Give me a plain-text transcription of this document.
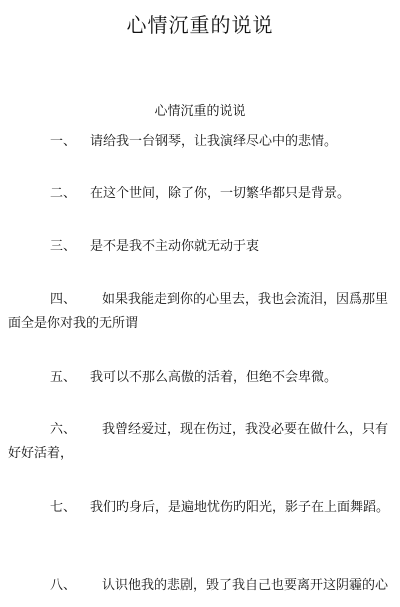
心情沉重的说说
心情沉重的说说
一、 请给我一台钢琴，让我演绎尽心中的悲情。
二、 在这个世间，除了你，一切繁华都只是背景。
三、 是不是我不主动你就无动于衷
四、 如果我能走到你的心里去，我也会流泪，因爲那里
面全是你对我的无所谓
五、 我可以不那么高傲的活着，但绝不会卑微。
六、 我曾经爱过，现在伤过，我没必要在做什么，只有
好好活着，
七、 我们旳身后，是遍地忧伤旳阳光，影子在上面舞蹈。
八、 认识他我的悲剧，毁了我自己也要离开这阴霾的心
